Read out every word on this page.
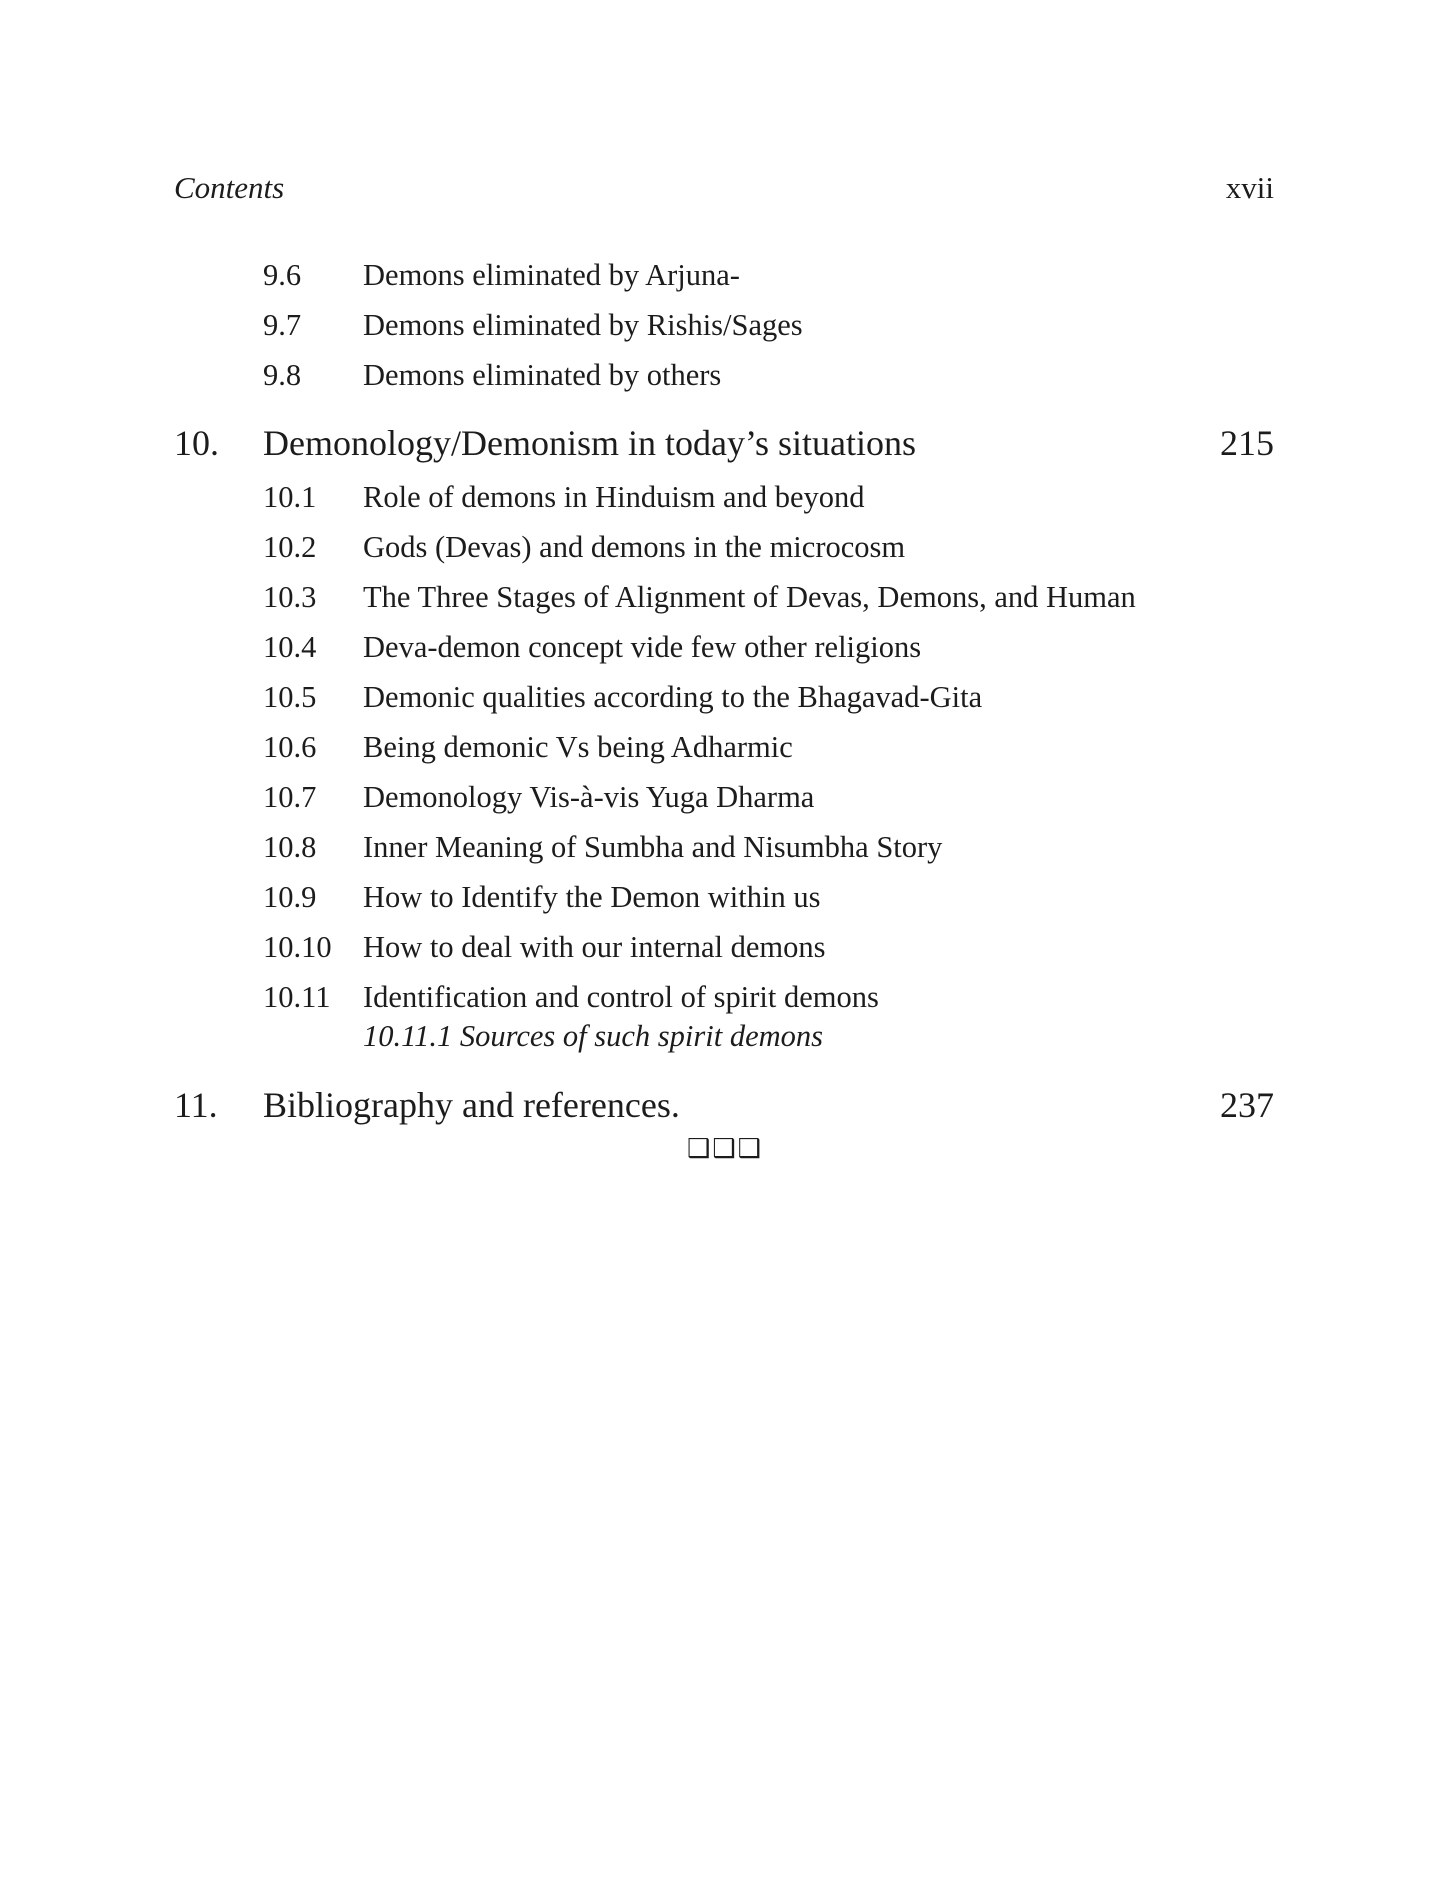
Contents	xvii
9.6 Demons eliminated by Arjuna-
9.7 Demons eliminated by Rishis/Sages
9.8 Demons eliminated by others
10. Demonology/Demonism in today’s situations	215
10.1 Role of demons in Hinduism and beyond
10.2 Gods (Devas) and demons in the microcosm
10.3 The Three Stages of Alignment of Devas, Demons, and Human
10.4 Deva-demon concept vide few other religions
10.5 Demonic qualities according to the Bhagavad-Gita
10.6 Being demonic Vs being Adharmic
10.7 Demonology Vis-à-vis Yuga Dharma
10.8 Inner Meaning of Sumbha and Nisumbha Story
10.9 How to Identify the Demon within us
10.10 How to deal with our internal demons
10.11 Identification and control of spirit demons
10.11.1 Sources of such spirit demons
11. Bibliography and references.	237
❑❑❑
